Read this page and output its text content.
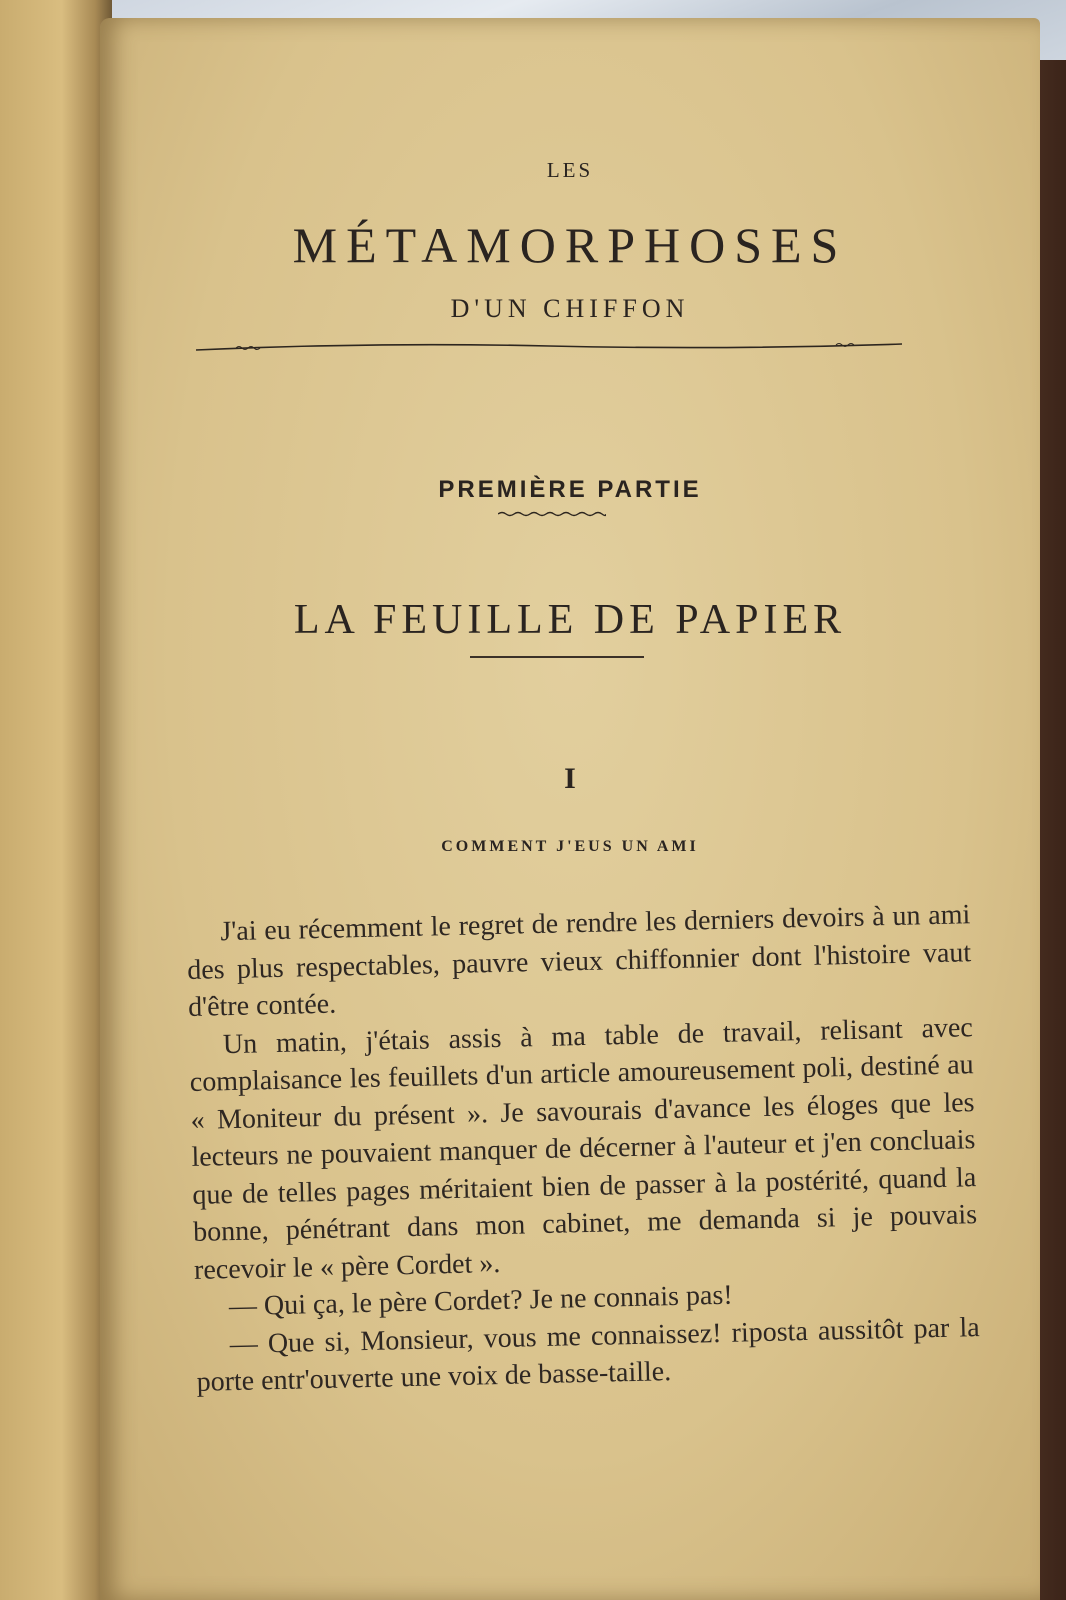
LES
MÉTAMORPHOSES
D'UN CHIFFON
PREMIÈRE PARTIE
LA FEUILLE DE PAPIER
I
COMMENT J'EUS UN AMI

J'ai eu récemment le regret de rendre les derniers devoirs à un ami des plus respectables, pauvre vieux chiffonnier dont l'histoire vaut d'être contée.

Un matin, j'étais assis à ma table de travail, relisant avec complaisance les feuillets d'un article amoureusement poli, destiné au « Moniteur du présent ». Je savourais d'avance les éloges que les lecteurs ne pouvaient manquer de décerner à l'auteur et j'en concluais que de telles pages méritaient bien de passer à la postérité, quand la bonne, pénétrant dans mon cabinet, me demanda si je pouvais recevoir le « père Cordet ».

— Qui ça, le père Cordet? Je ne connais pas!

— Que si, Monsieur, vous me connaissez! riposta aussitôt par la porte entr'ouverte une voix de basse-taille.
